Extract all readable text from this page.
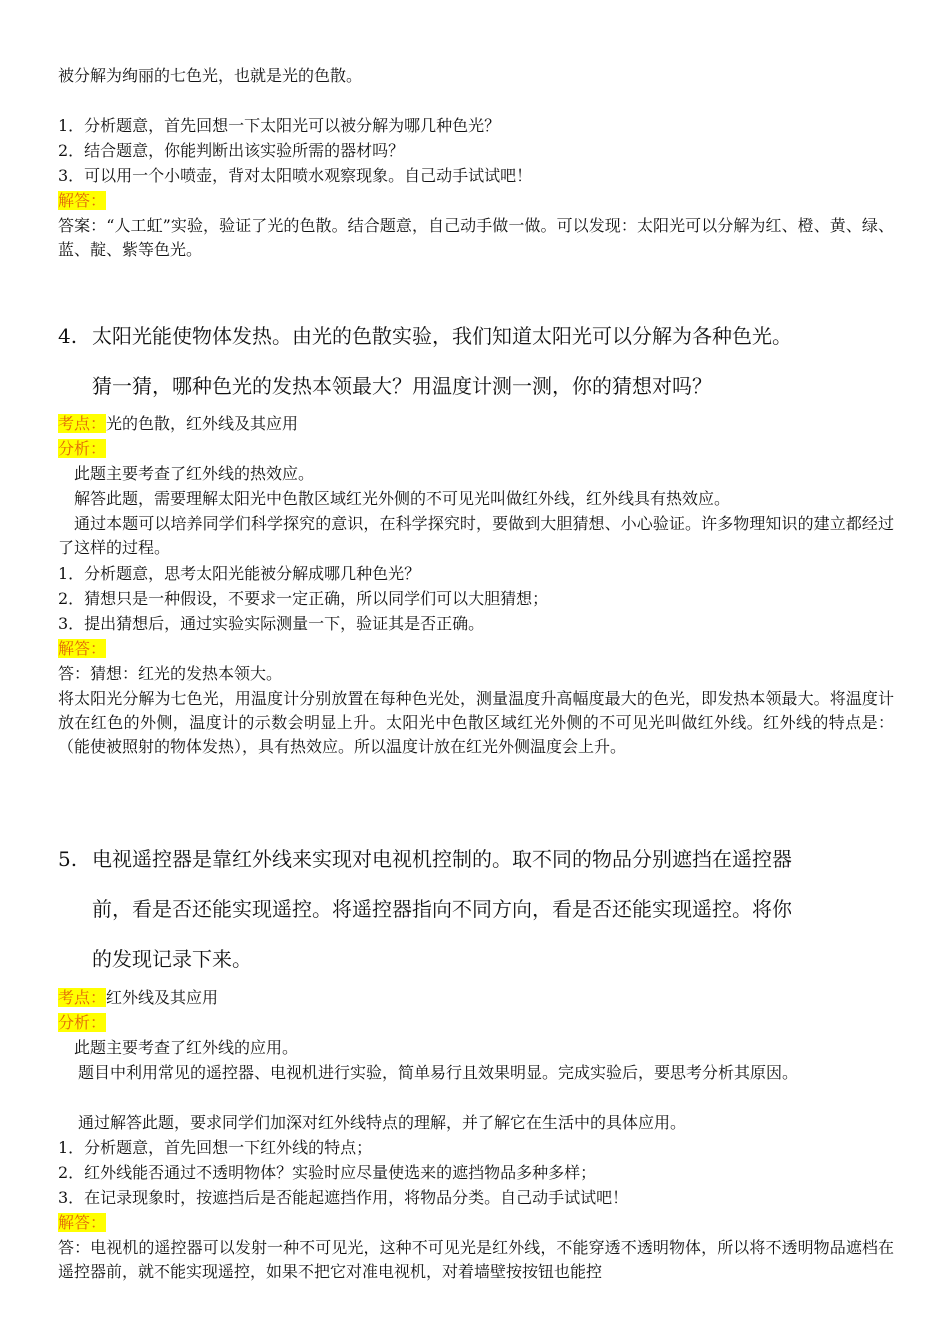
被分解为绚丽的七色光，也就是光的色散。
1．分析题意，首先回想一下太阳光可以被分解为哪几种色光？
2．结合题意，你能判断出该实验所需的器材吗？
3．可以用一个小喷壶，背对太阳喷水观察现象。自己动手试试吧！
解答：
答案：“人工虹”实验，验证了光的色散。结合题意，自己动手做一做。可以发现：太阳光可以分解为红、橙、黄、绿、蓝、靛、紫等色光。
4. 太阳光能使物体发热。由光的色散实验，我们知道太阳光可以分解为各种色光。
猜一猜，哪种色光的发热本领最大？用温度计测一测，你的猜想对吗？
考点：光的色散，红外线及其应用
分析：
此题主要考查了红外线的热效应。
解答此题，需要理解太阳光中色散区域红光外侧的不可见光叫做红外线，红外线具有热效应。
通过本题可以培养同学们科学探究的意识，在科学探究时，要做到大胆猜想、小心验证。许多物理知识的建立都经过了这样的过程。
1．分析题意，思考太阳光能被分解成哪几种色光？
2．猜想只是一种假设，不要求一定正确，所以同学们可以大胆猜想；
3．提出猜想后，通过实验实际测量一下，验证其是否正确。
解答：
答：猜想：红光的发热本领大。
将太阳光分解为七色光，用温度计分别放置在每种色光处，测量温度升高幅度最大的色光，即发热本领最大。将温度计放在红色的外侧，温度计的示数会明显上升。太阳光中色散区域红光外侧的不可见光叫做红外线。红外线的特点是：（能使被照射的物体发热），具有热效应。所以温度计放在红光外侧温度会上升。
5. 电视遥控器是靠红外线来实现对电视机控制的。取不同的物品分别遮挡在遥控器
前，看是否还能实现遥控。将遥控器指向不同方向，看是否还能实现遥控。将你
的发现记录下来。
考点：红外线及其应用
分析：
此题主要考查了红外线的应用。
题目中利用常见的遥控器、电视机进行实验，简单易行且效果明显。完成实验后，要思考分析其原因。
通过解答此题，要求同学们加深对红外线特点的理解，并了解它在生活中的具体应用。
1．分析题意，首先回想一下红外线的特点；
2．红外线能否通过不透明物体？实验时应尽量使选来的遮挡物品多种多样；
3．在记录现象时，按遮挡后是否能起遮挡作用，将物品分类。自己动手试试吧！
解答：
答：电视机的遥控器可以发射一种不可见光，这种不可见光是红外线，不能穿透不透明物体，所以将不透明物品遮档在遥控器前，就不能实现遥控，如果不把它对准电视机，对着墙壁按按钮也能控
